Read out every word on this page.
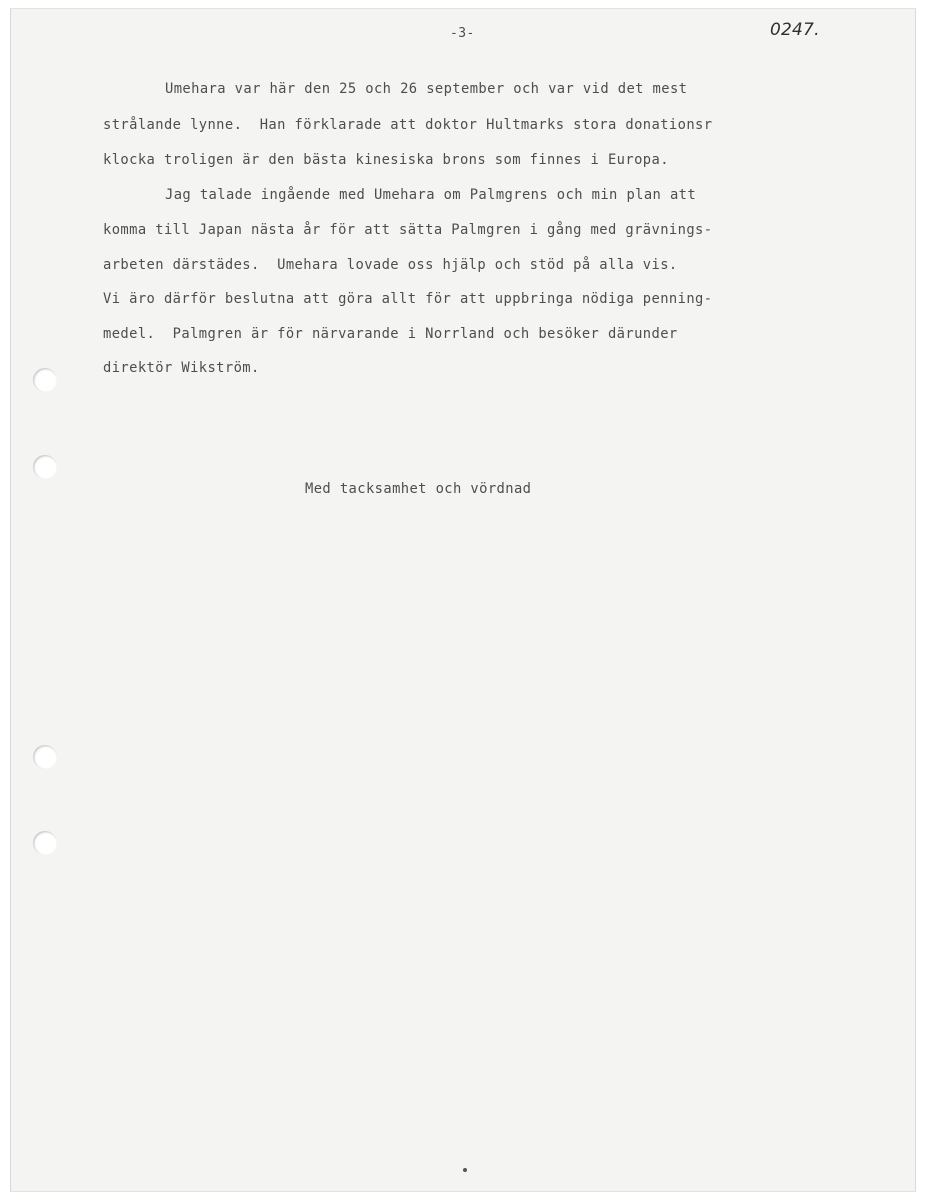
-3-	0247.
Umehara var här den 25 och 26 september och var vid det mest
strålande lynne.  Han förklarade att doktor Hultmarks stora donationsr
klocka troligen är den bästa kinesiska brons som finnes i Europa.
Jag talade ingående med Umehara om Palmgrens och min plan att
komma till Japan nästa år för att sätta Palmgren i gång med grävnings-
arbeten därstädes.  Umehara lovade oss hjälp och stöd på alla vis.
Vi äro därför beslutna att göra allt för att uppbringa nödiga penning-
medel.  Palmgren är för närvarande i Norrland och besöker därunder
direktör Wikström.
Med tacksamhet och vördnad
